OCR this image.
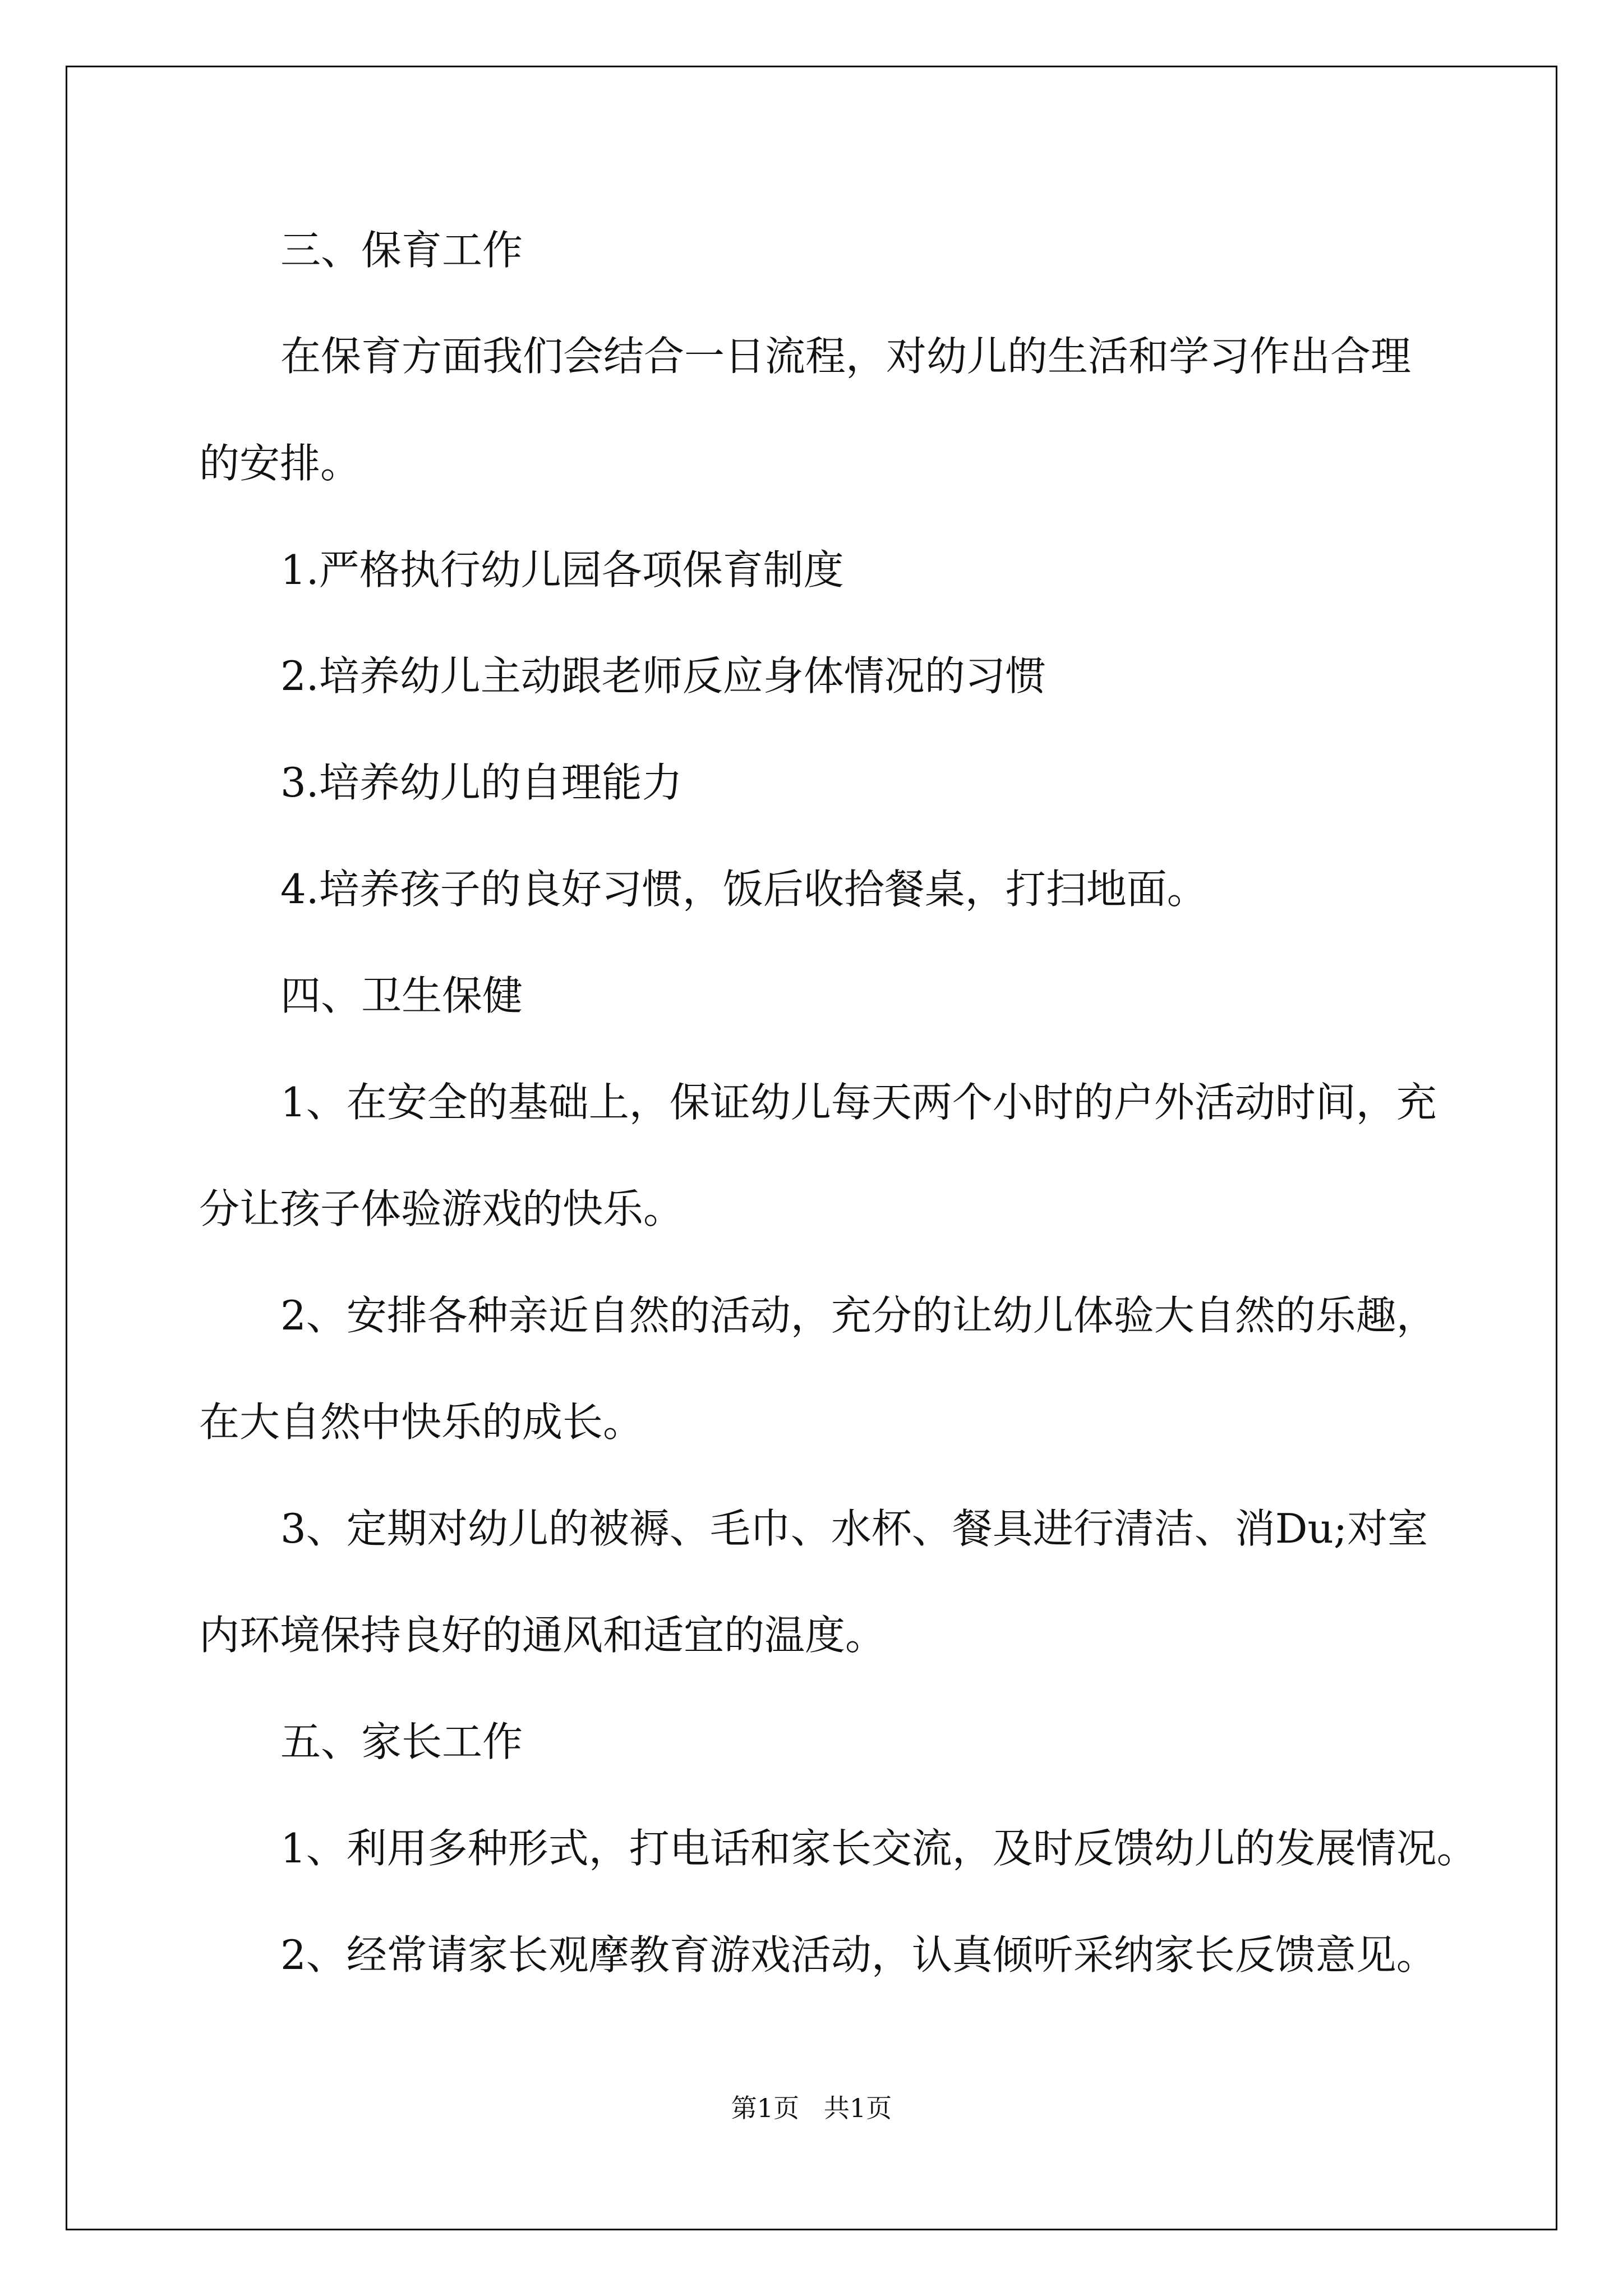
三、保育工作

在保育方面我们会结合一日流程，对幼儿的生活和学习作出合理

的安排。

1.严格执行幼儿园各项保育制度

2.培养幼儿主动跟老师反应身体情况的习惯

3.培养幼儿的自理能力

4.培养孩子的良好习惯，饭后收拾餐桌，打扫地面。

四、卫生保健

1、在安全的基础上，保证幼儿每天两个小时的户外活动时间，充

分让孩子体验游戏的快乐。

2、安排各种亲近自然的活动，充分的让幼儿体验大自然的乐趣，

在大自然中快乐的成长。

3、定期对幼儿的被褥、毛巾、水杯、餐具进行清洁、消Du;对室

内环境保持良好的通风和适宜的温度。

五、家长工作

1、利用多种形式，打电话和家长交流，及时反馈幼儿的发展情况。

2、经常请家长观摩教育游戏活动，认真倾听采纳家长反馈意见。

第1页   共1页
